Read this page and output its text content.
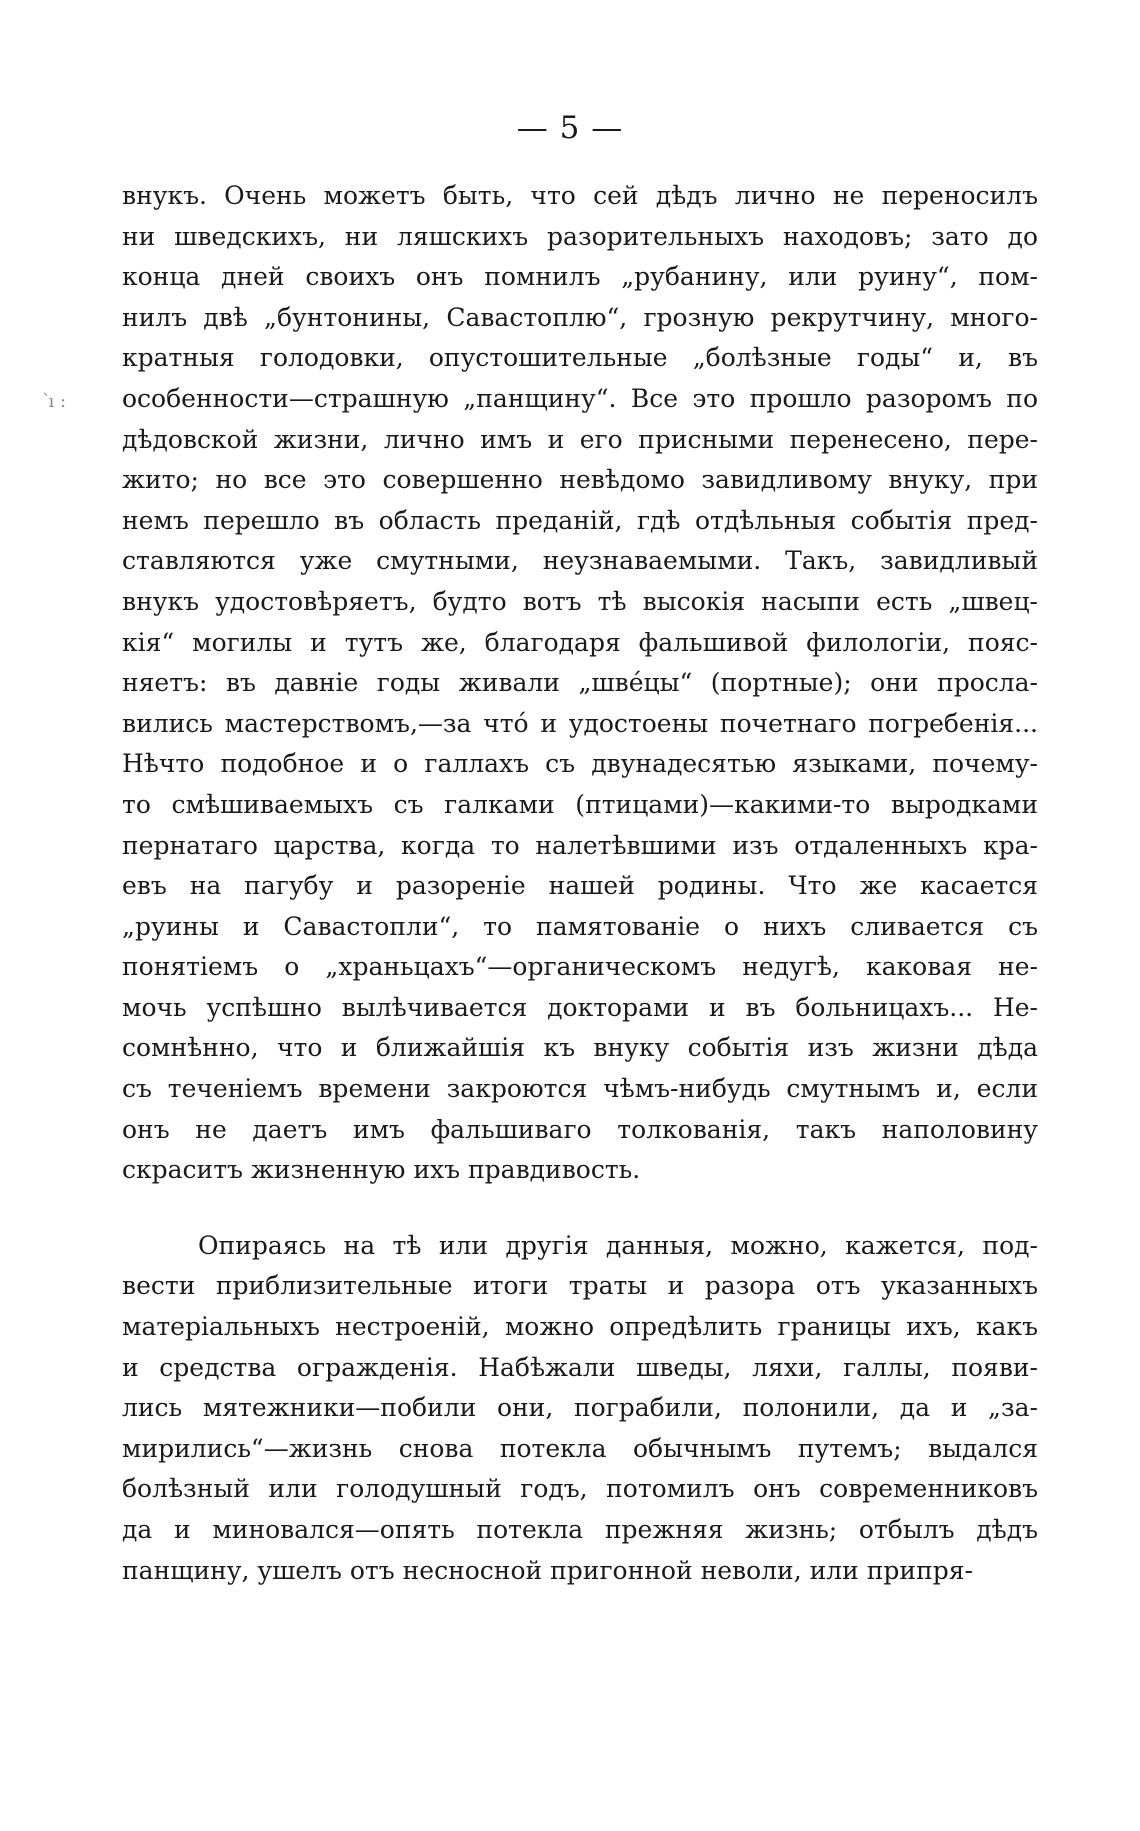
— 5 —
՝ı :

внукъ. Очень можетъ быть, что сей дѣдъ лично не переносилъ
ни шведскихъ, ни ляшскихъ разорительныхъ находовъ; зато до
конца дней своихъ онъ помнилъ „рубанину, или руину“, пом-
нилъ двѣ „бунтонины, Савастоплю“, грозную рекрутчину, много-
кратныя голодовки, опустошительные „болѣзные годы“ и, въ
особенности—страшную „панщину“. Все это прошло разоромъ по
дѣдовской жизни, лично имъ и его присными перенесено, пере-
жито; но все это совершенно невѣдомо завидливому внуку, при
немъ перешло въ область преданій, гдѣ отдѣльныя событія пред-
ставляются уже смутными, неузнаваемыми. Такъ, завидливый
внукъ удостовѣряетъ, будто вотъ тѣ высокія насыпи есть „швец-
кія“ могилы и тутъ же, благодаря фальшивой филологіи, пояс-
няетъ: въ давніе годы живали „швéцы“ (портные); они просла-
вились мастерствомъ,—за чтó и удостоены почетнаго погребенія...
Нѣчто подобное и о галлахъ съ двунадесятью языками, почему-
то смѣшиваемыхъ съ галками (птицами)—какими-то выродками
пернатаго царства, когда то налетѣвшими изъ отдаленныхъ кра-
евъ на пагубу и разореніе нашей родины. Что же касается
„руины и Савастопли“, то памятованіе о нихъ сливается съ
понятіемъ о „храньцахъ“—органическомъ недугѣ, каковая не-
мочь успѣшно вылѣчивается докторами и въ больницахъ... Не-
сомнѣнно, что и ближайшія къ внуку событія изъ жизни дѣда
съ теченіемъ времени закроются чѣмъ-нибудь смутнымъ и, если
онъ не даетъ имъ фальшиваго толкованія, такъ наполовину
скраситъ жизненную ихъ правдивость.

Опираясь на тѣ или другія данныя, можно, кажется, под-
вести приблизительные итоги траты и разора отъ указанныхъ
матеріальныхъ нестроеній, можно опредѣлить границы ихъ, какъ
и средства огражденія. Набѣжали шведы, ляхи, галлы, появи-
лись мятежники—побили они, пограбили, полонили, да и „за-
мирились“—жизнь снова потекла обычнымъ путемъ; выдался
болѣзный или голодушный годъ, потомилъ онъ современниковъ
да и миновался—опять потекла прежняя жизнь; отбылъ дѣдъ
панщину, ушелъ отъ несносной пригонной неволи, или припря-
